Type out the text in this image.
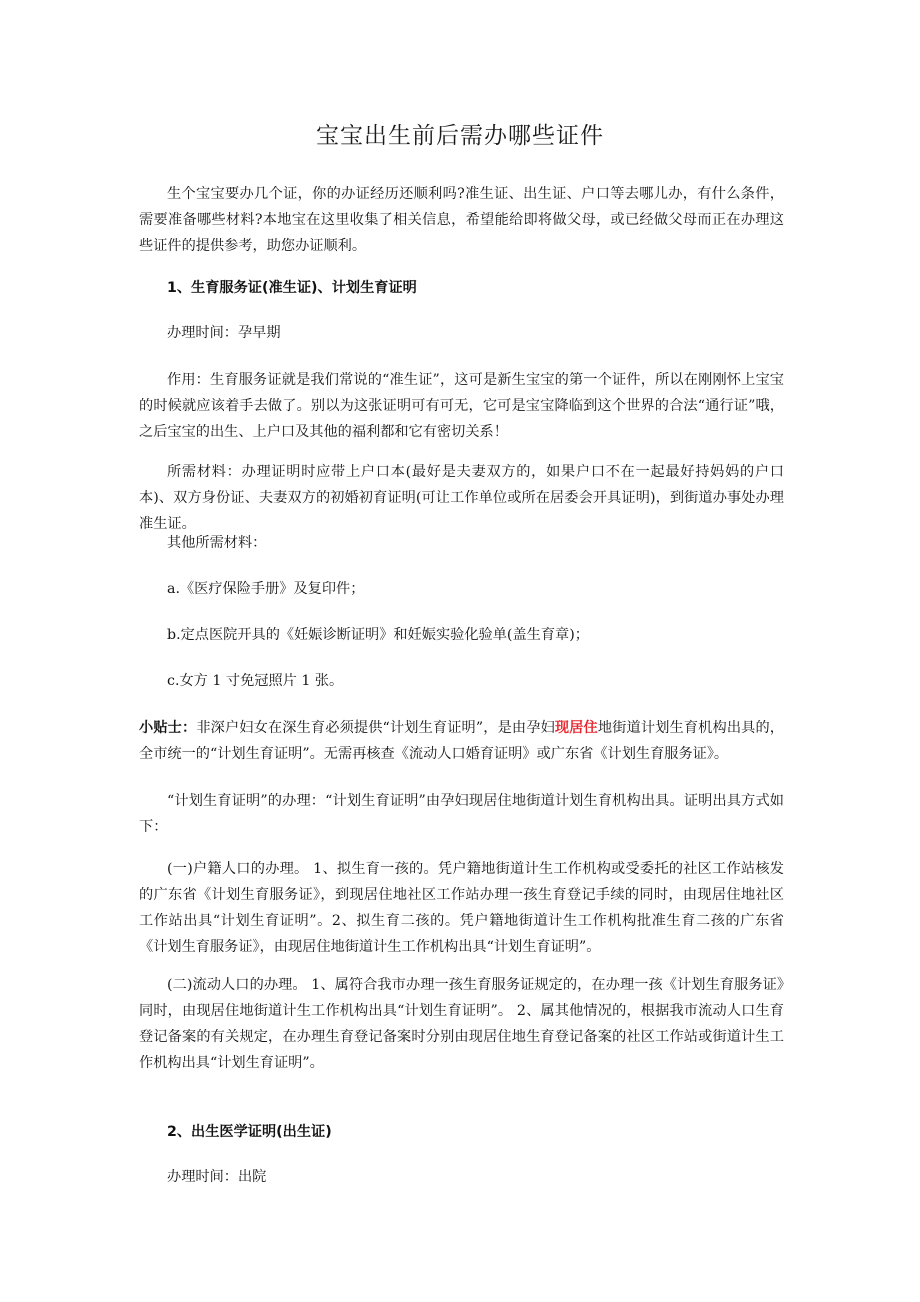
宝宝出生前后需办哪些证件
生个宝宝要办几个证，你的办证经历还顺利吗?准生证、出生证、户口等去哪儿办，有什么条件，需要准备哪些材料?本地宝在这里收集了相关信息，希望能给即将做父母，或已经做父母而正在办理这些证件的提供参考，助您办证顺利。
1、生育服务证(准生证)、计划生育证明
办理时间：孕早期
作用：生育服务证就是我们常说的“准生证”，这可是新生宝宝的第一个证件，所以在刚刚怀上宝宝的时候就应该着手去做了。别以为这张证明可有可无，它可是宝宝降临到这个世界的合法“通行证”哦，之后宝宝的出生、上户口及其他的福利都和它有密切关系！
所需材料：办理证明时应带上户口本(最好是夫妻双方的，如果户口不在一起最好持妈妈的户口本)、双方身份证、夫妻双方的初婚初育证明(可让工作单位或所在居委会开具证明)，到街道办事处办理准生证。
其他所需材料：
a.《医疗保险手册》及复印件；
b.定点医院开具的《妊娠诊断证明》和妊娠实验化验单(盖生育章)；
c.女方 1 寸免冠照片 1 张。
小贴士：非深户妇女在深生育必须提供“计划生育证明”，是由孕妇现居住地街道计划生育机构出具的，全市统一的“计划生育证明”。无需再核查《流动人口婚育证明》或广东省《计划生育服务证》。
“计划生育证明”的办理：“计划生育证明”由孕妇现居住地街道计划生育机构出具。证明出具方式如下：
(一)户籍人口的办理。 1、拟生育一孩的。凭户籍地街道计生工作机构或受委托的社区工作站核发的广东省《计划生育服务证》，到现居住地社区工作站办理一孩生育登记手续的同时，由现居住地社区工作站出具“计划生育证明”。2、拟生育二孩的。凭户籍地街道计生工作机构批准生育二孩的广东省《计划生育服务证》，由现居住地街道计生工作机构出具“计划生育证明”。
(二)流动人口的办理。 1、属符合我市办理一孩生育服务证规定的，在办理一孩《计划生育服务证》同时，由现居住地街道计生工作机构出具“计划生育证明”。 2、属其他情况的，根据我市流动人口生育登记备案的有关规定，在办理生育登记备案时分别由现居住地生育登记备案的社区工作站或街道计生工作机构出具“计划生育证明”。
2、出生医学证明(出生证)
办理时间：出院
